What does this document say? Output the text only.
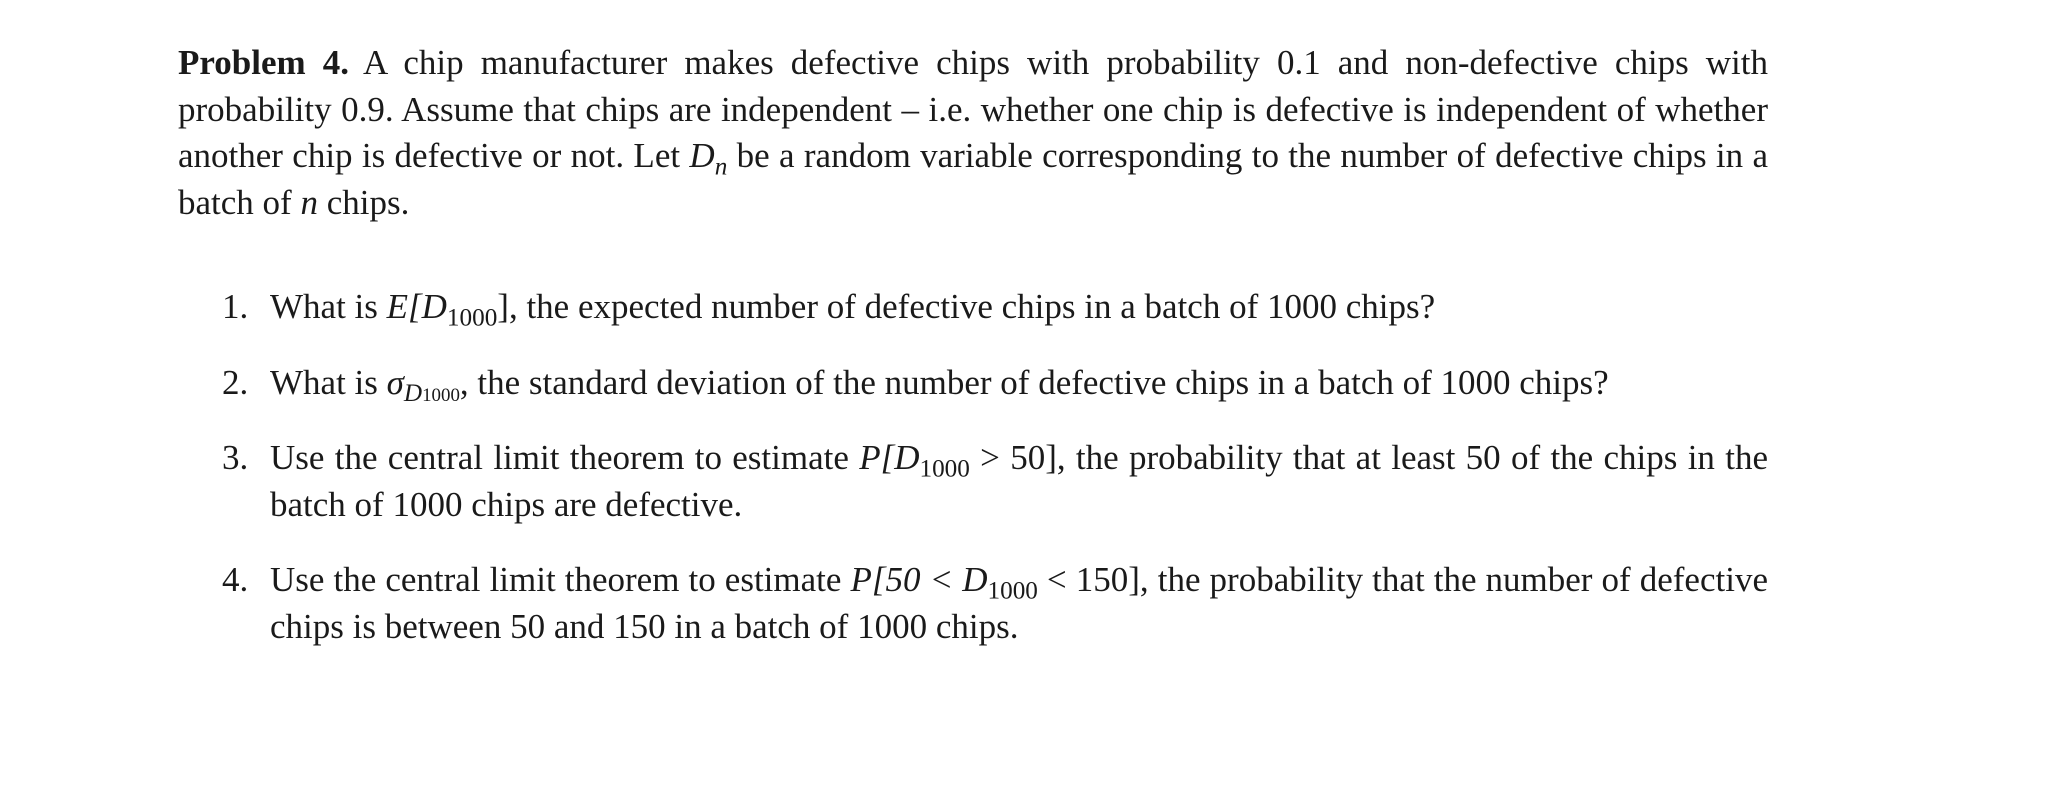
Problem 4. A chip manufacturer makes defective chips with probability 0.1 and non-defective chips with probability 0.9. Assume that chips are independent – i.e. whether one chip is defective is independent of whether another chip is defective or not. Let $D_n$ be a random variable corresponding to the number of defective chips in a batch of n chips.

1. What is $E[D_{1000}]$, the expected number of defective chips in a batch of 1000 chips?
2. What is $\sigma_{D1000}$, the standard deviation of the number of defective chips in a batch of 1000 chips?
3. Use the central limit theorem to estimate $P[D_{1000} > 50]$, the probability that at least 50 of the chips in the batch of 1000 chips are defective.
4. Use the central limit theorem to estimate $P[50 < D_{1000} < 150]$, the probability that the number of defective chips is between 50 and 150 in a batch of 1000 chips.
